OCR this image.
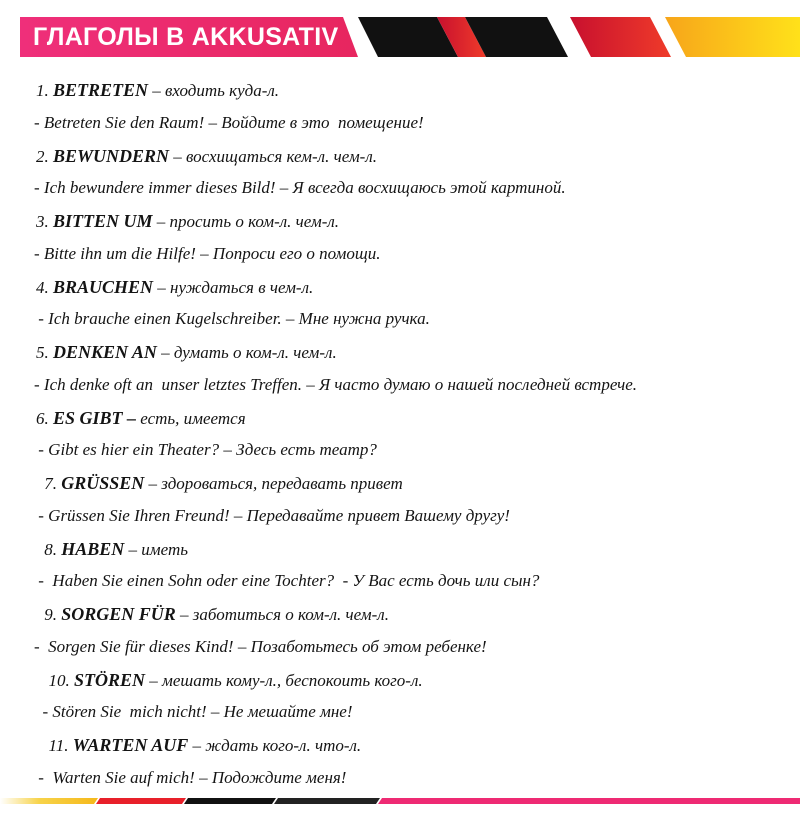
ГЛАГОЛЫ В AKKUSATIV
1. BETRETEN – входить куда-л.
- Betreten Sie den Raum! – Войдите в это  помещение!
2. BEWUNDERN – восхищаться кем-л. чем-л.
- Ich bewundere immer dieses Bild! – Я всегда восхищаюсь этой картиной.
3. BITTEN UM – просить о ком-л. чем-л.
- Bitte ihn um die Hilfe! – Попроси его о помощи.
4. BRAUCHEN – нуждаться в чем-л.
- Ich brauche einen Kugelschreiber. – Мне нужна ручка.
5. DENKEN AN – думать о ком-л. чем-л.
- Ich denke oft an  unser letztes Treffen. – Я часто думаю о нашей последней встрече.
6. ES GIBT – есть, имеется
- Gibt es hier ein Theater? – Здесь есть театр?
7. GRÜSSEN – здороваться, передавать привет
- Grüssen Sie Ihren Freund! – Передавайте привет Вашему другу!
8. HABEN – иметь
-  Haben Sie einen Sohn oder eine Tochter?  - У Вас есть дочь или сын?
9. SORGEN FÜR – заботиться о ком-л. чем-л.
-  Sorgen Sie für dieses Kind! – Позаботьтесь об этом ребенке!
10. STÖREN – мешать кому-л., беспокоить кого-л.
- Stören Sie  mich nicht! – Не мешайте мне!
11. WARTEN AUF – ждать кого-л. что-л.
-  Warten Sie auf mich! – Подождите меня!
